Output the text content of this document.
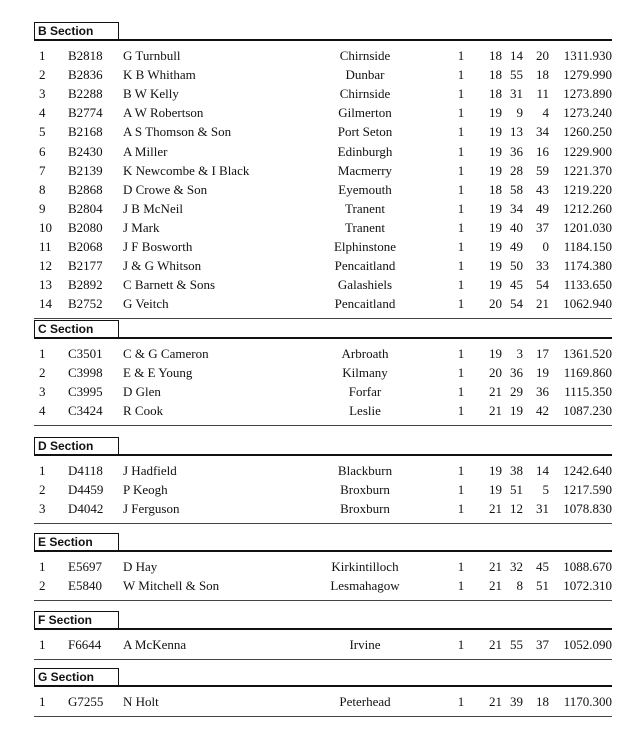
B Section
1 B2818 G Turnbull	Chirnside	1 18 14	20	1311.930
2 B2836 K B Whitham	Dunbar	1 18 55	18	1279.990
3 B2288 B W Kelly	Chirnside	1 18 31	11	1273.890
4 B2774 A W Robertson	Gilmerton	1 19	9	4	1273.240
5 B2168 A S Thomson & Son	Port Seton	1 19 13	34	1260.250
6 B2430 A Miller	Edinburgh	1 19 36	16	1229.900
7 B2139 K Newcombe & I Black	Macmerry	1 19 28	59	1221.370
8 B2868 D Crowe & Son	Eyemouth	1 18 58	43	1219.220
9 B2804 J B McNeil	Tranent	1 19 34	49	1212.260
10 B2080 J Mark	Tranent	1 19 40	37	1201.030
11 B2068 J F Bosworth	Elphinstone	1 19 49	0	1184.150
12 B2177 J & G Whitson	Pencaitland	1 19 50	33	1174.380
13 B2892 C Barnett & Sons	Galashiels	1 19 45	54	1133.650
14 B2752 G Veitch	Pencaitland	1 20 54	21	1062.940
C Section
1 C3501 C & G Cameron	Arbroath	1 19	3	17	1361.520
2 C3998 E & E Young	Kilmany	1 20 36	19	1169.860
3 C3995 D Glen	Forfar	1 21 29	36	1115.350
4 C3424 R Cook	Leslie	1 21 19	42	1087.230
D Section
1 D4118 J Hadfield	Blackburn	1 19 38	14	1242.640
2 D4459 P Keogh	Broxburn	1 19 51	5	1217.590
3 D4042 J Ferguson	Broxburn	1 21 12	31	1078.830
E Section
1 E5697 D Hay	Kirkintilloch	1 21 32	45	1088.670
2 E5840 W Mitchell & Son	Lesmahagow	1 21	8	51	1072.310
F Section
1 F6644 A McKenna	Irvine	1 21 55	37	1052.090
G Section
1 G7255 N Holt	Peterhead	1 21 39	18	1170.300
